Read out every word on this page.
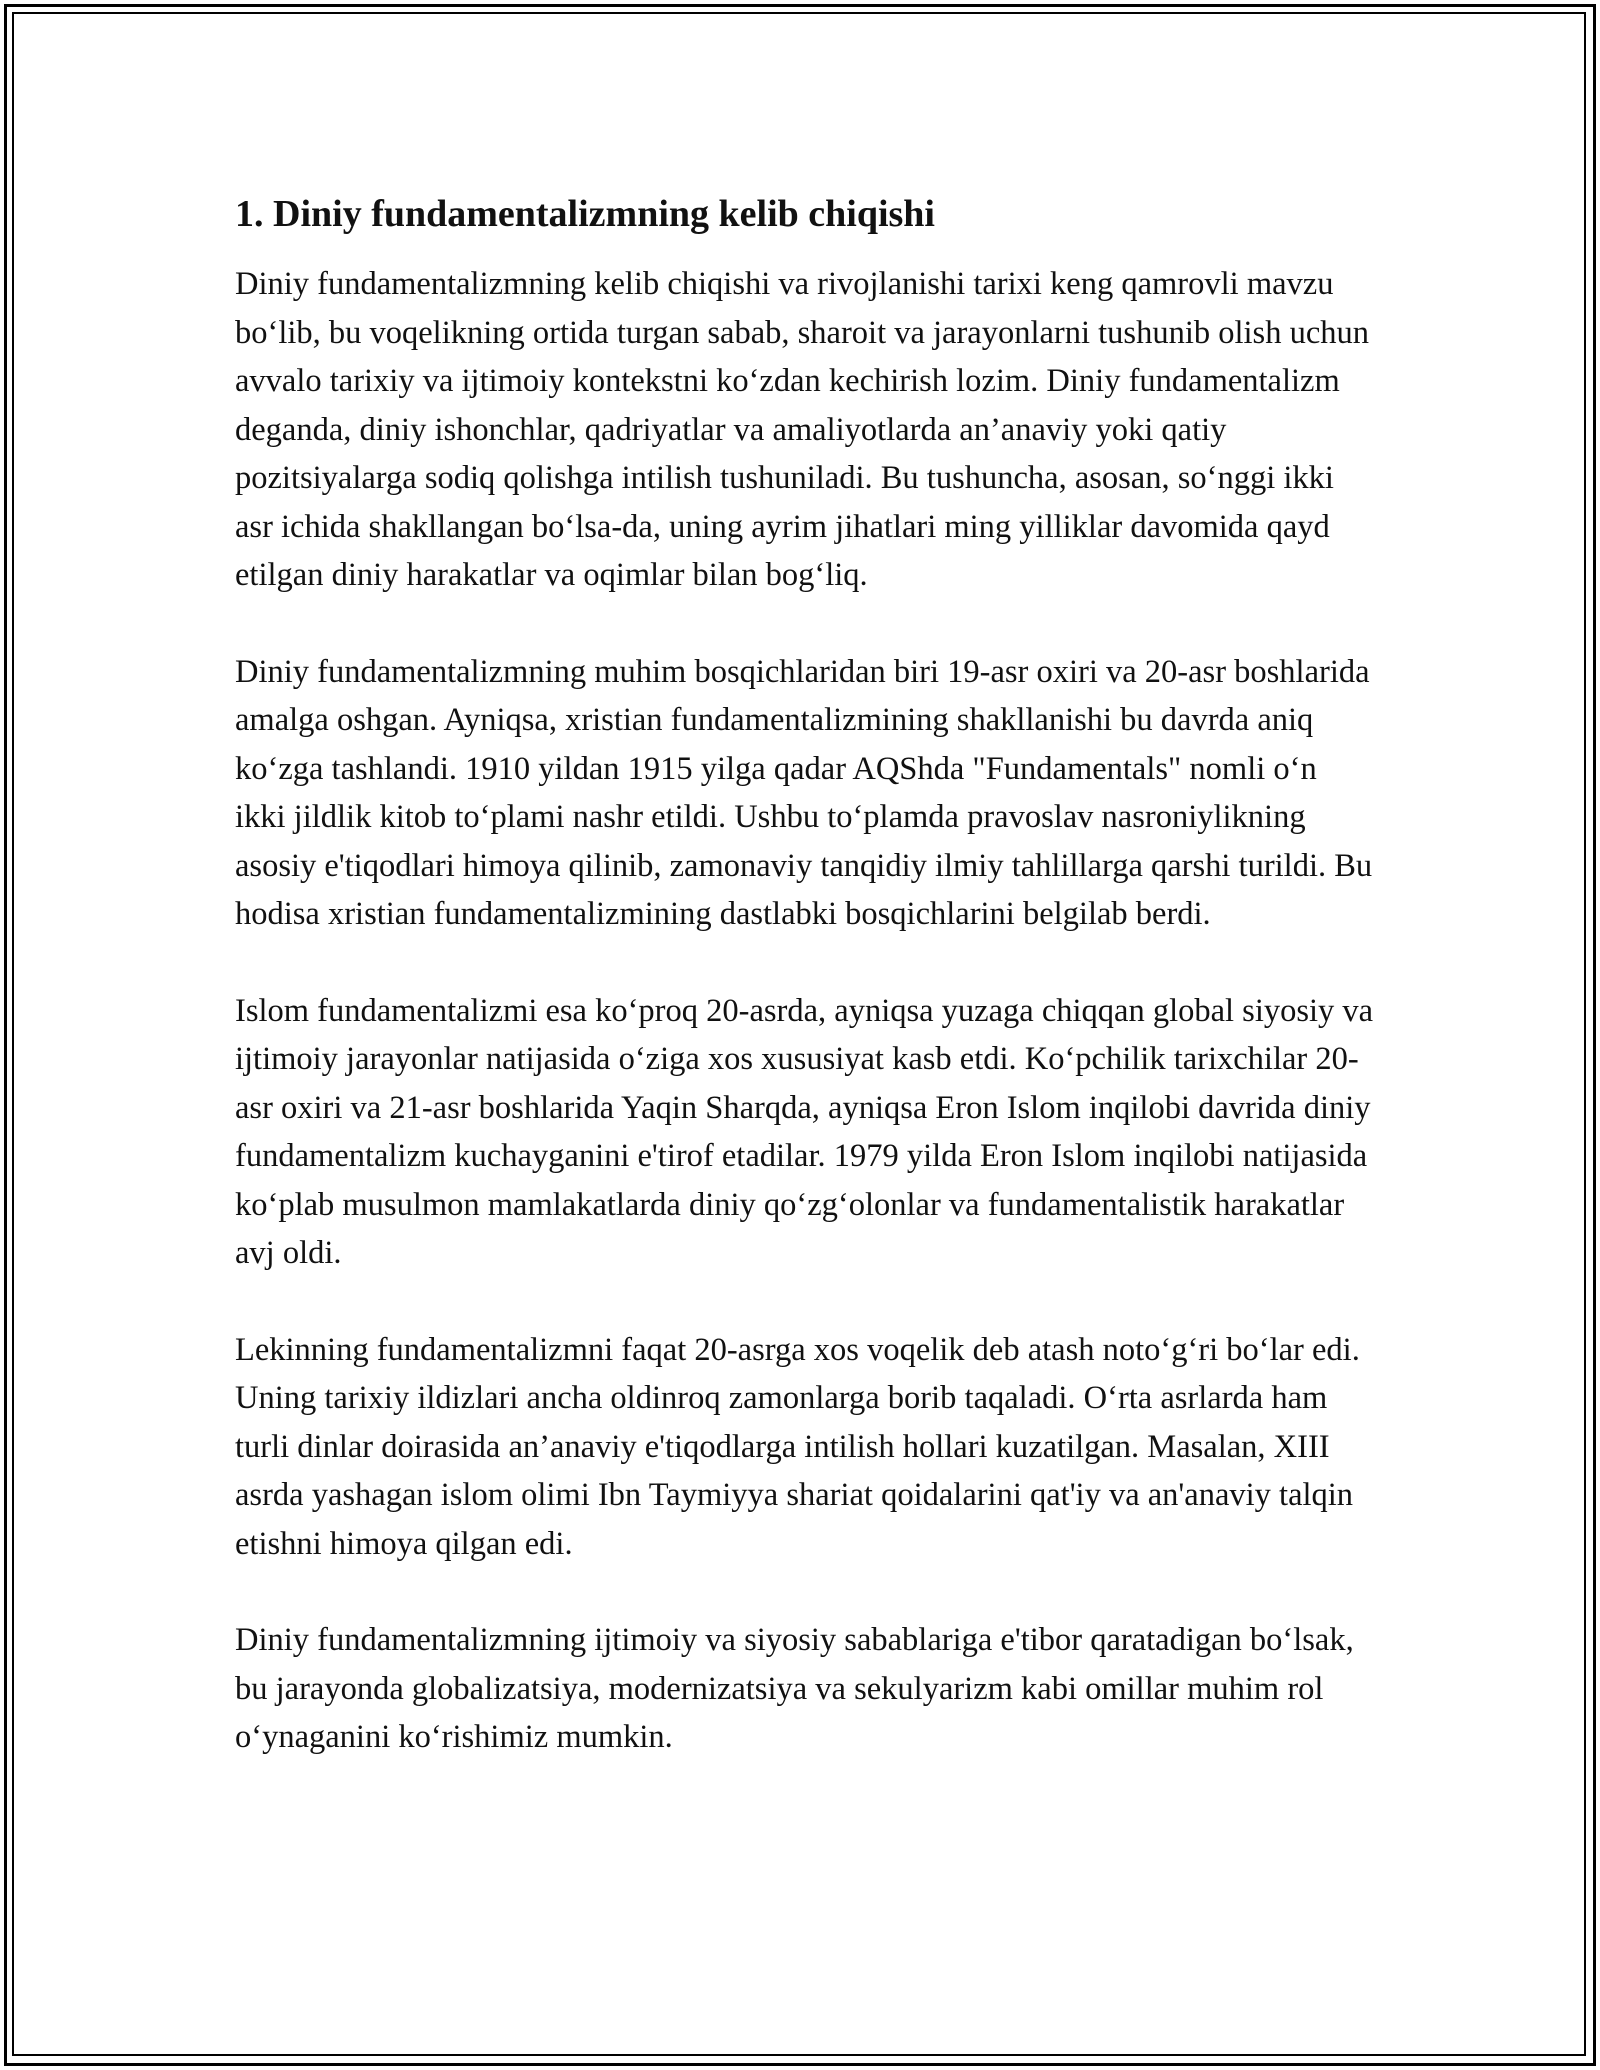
1. Diniy fundamentalizmning kelib chiqishi

Diniy fundamentalizmning kelib chiqishi va rivojlanishi tarixi keng qamrovli mavzu bo‘lib, bu voqelikning ortida turgan sabab, sharoit va jarayonlarni tushunib olish uchun avvalo tarixiy va ijtimoiy kontekstni ko‘zdan kechirish lozim. Diniy fundamentalizm deganda, diniy ishonchlar, qadriyatlar va amaliyotlarda an’anaviy yoki qatiy pozitsiyalarga sodiq qolishga intilish tushuniladi. Bu tushuncha, asosan, so‘nggi ikki asr ichida shakllangan bo‘lsa-da, uning ayrim jihatlari ming yilliklar davomida qayd etilgan diniy harakatlar va oqimlar bilan bog‘liq.

Diniy fundamentalizmning muhim bosqichlaridan biri 19-asr oxiri va 20-asr boshlarida amalga oshgan. Ayniqsa, xristian fundamentalizmining shakllanishi bu davrda aniq ko‘zga tashlandi. 1910 yildan 1915 yilga qadar AQShda "Fundamentals" nomli o‘n ikki jildlik kitob to‘plami nashr etildi. Ushbu to‘plamda pravoslav nasroniylikning asosiy e'tiqodlari himoya qilinib, zamonaviy tanqidiy ilmiy tahlillarga qarshi turildi. Bu hodisa xristian fundamentalizmining dastlabki bosqichlarini belgilab berdi.

Islom fundamentalizmi esa ko‘proq 20-asrda, ayniqsa yuzaga chiqqan global siyosiy va ijtimoiy jarayonlar natijasida o‘ziga xos xususiyat kasb etdi. Ko‘pchilik tarixchilar 20-asr oxiri va 21-asr boshlarida Yaqin Sharqda, ayniqsa Eron Islom inqilobi davrida diniy fundamentalizm kuchayganini e'tirof etadilar. 1979 yilda Eron Islom inqilobi natijasida ko‘plab musulmon mamlakatlarda diniy qo‘zg‘olonlar va fundamentalistik harakatlar avj oldi.

Lekinning fundamentalizmni faqat 20-asrga xos voqelik deb atash noto‘g‘ri bo‘lar edi. Uning tarixiy ildizlari ancha oldinroq zamonlarga borib taqaladi. O‘rta asrlarda ham turli dinlar doirasida an’anaviy e'tiqodlarga intilish hollari kuzatilgan. Masalan, XIII asrda yashagan islom olimi Ibn Taymiyya shariat qoidalarini qat'iy va an'anaviy talqin etishni himoya qilgan edi.

Diniy fundamentalizmning ijtimoiy va siyosiy sabablariga e'tibor qaratadigan bo‘lsak, bu jarayonda globalizatsiya, modernizatsiya va sekulyarizm kabi omillar muhim rol o‘ynaganini ko‘rishimiz mumkin.
